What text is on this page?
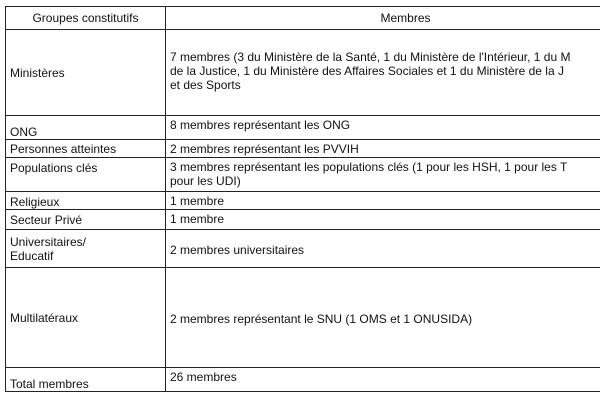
Groupes constitutifs	Membres
Ministères	7 membres (3 du Ministère de la Santé, 1 du Ministère de l'Intérieur, 1 du M
de la Justice, 1 du Ministère des Affaires Sociales et 1 du Ministère de la J
et des Sports

ONG	8 membres représentant les ONG
Personnes atteintes	2 membres représentant les PVVIH
Populations clés	3 membres représentant les populations clés (1 pour les HSH, 1 pour les T
pour les UDI)

Religieux	1 membre
Secteur Privé	1 membre

Universitaires/
Educatif	2 membres universitaires
Multilatéraux	2 membres représentant le SNU (1 OMS et 1 ONUSIDA)
Total membres	26 membres
